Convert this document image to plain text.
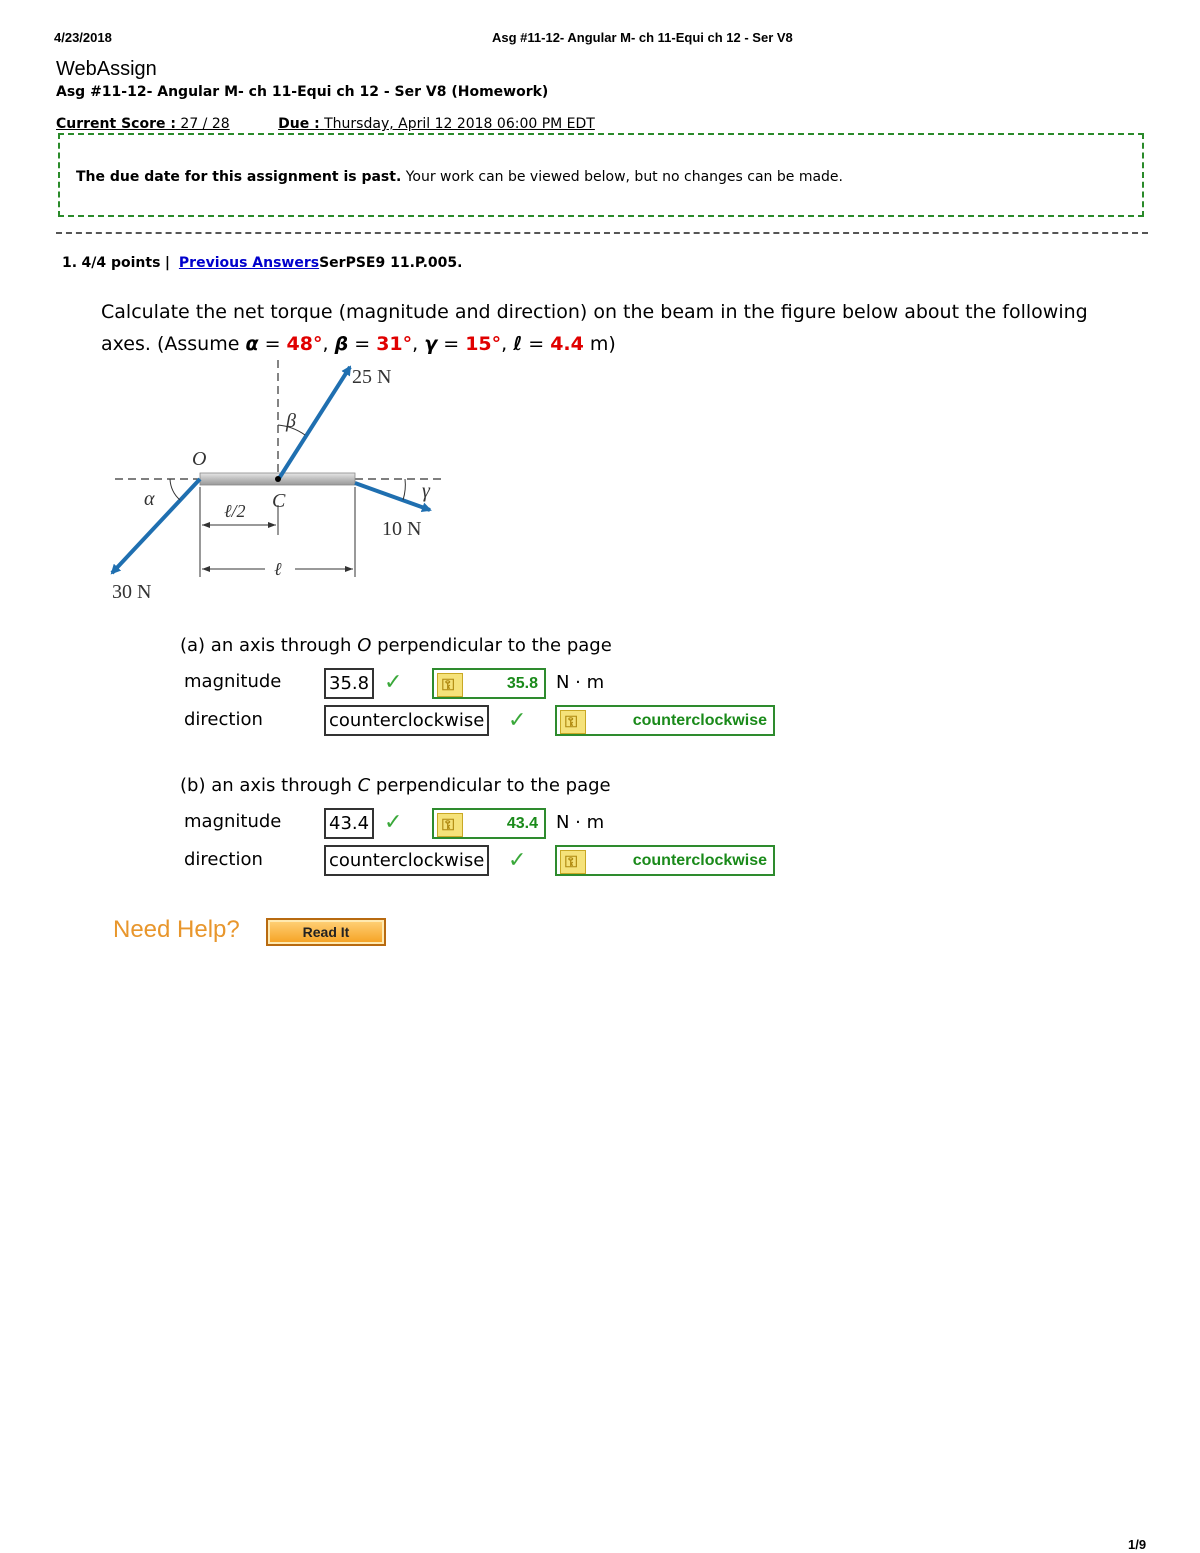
4/23/2018	Asg #11-12- Angular M- ch 11-Equi ch 12 - Ser V8
WebAssign
Asg #11-12- Angular M- ch 11-Equi ch 12 - Ser V8 (Homework)
Current Score : 27 / 28	Due : Thursday, April 12 2018 06:00 PM EDT
The due date for this assignment is past. Your work can be viewed below, but no changes can be made.
1. 4/4 points | Previous AnswersSerPSE9 11.P.005.
Calculate the net torque (magnitude and direction) on the beam in the figure below about the following
axes. (Assume α = 48°, β = 31°, γ = 15°, ℓ = 4.4 m)
25 N
10 N
30 N
O
C
α
β
γ
ℓ/2
ℓ
(a) an axis through O perpendicular to the page
magnitude	35.8 ✓ ⚿	35.8	N · m
direction	counterclockwise ✓ ⚿	counterclockwise
(b) an axis through C perpendicular to the page
magnitude	43.4 ✓ ⚿	43.4	N · m
direction	counterclockwise ✓ ⚿	counterclockwise
Need Help?	Read It
1/9
